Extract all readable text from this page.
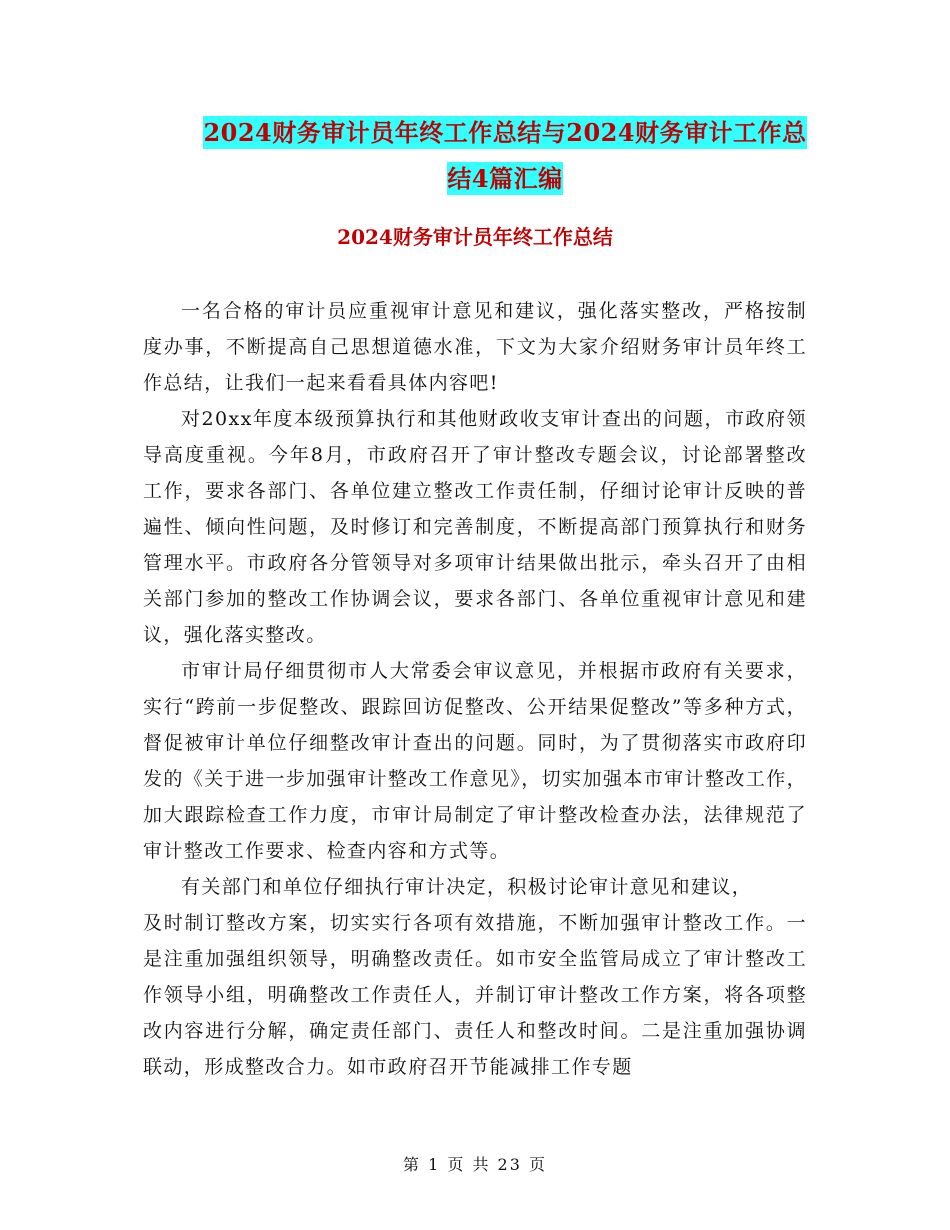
2024财务审计员年终工作总结与2024财务审计工作总
结4篇汇编
2024财务审计员年终工作总结

一名合格的审计员应重视审计意见和建议，强化落实整改，严格按制度办事，不断提高自己思想道德水准，下文为大家介绍财务审计员年终工作总结，让我们一起来看看具体内容吧!

对20xx年度本级预算执行和其他财政收支审计查出的问题，市政府领导高度重视。今年8月，市政府召开了审计整改专题会议，讨论部署整改工作，要求各部门、各单位建立整改工作责任制，仔细讨论审计反映的普遍性、倾向性问题，及时修订和完善制度，不断提高部门预算执行和财务管理水平。市政府各分管领导对多项审计结果做出批示，牵头召开了由相关部门参加的整改工作协调会议，要求各部门、各单位重视审计意见和建议，强化落实整改。

市审计局仔细贯彻市人大常委会审议意见，并根据市政府有关要求，实行“跨前一步促整改、跟踪回访促整改、公开结果促整改”等多种方式，督促被审计单位仔细整改审计查出的问题。同时，为了贯彻落实市政府印发的《关于进一步加强审计整改工作意见》，切实加强本市审计整改工作，加大跟踪检查工作力度，市审计局制定了审计整改检查办法，法律规范了审计整改工作要求、检查内容和方式等。

有关部门和单位仔细执行审计决定，积极讨论审计意见和建议，

及时制订整改方案，切实实行各项有效措施，不断加强审计整改工作。一是注重加强组织领导，明确整改责任。如市安全监管局成立了审计整改工作领导小组，明确整改工作责任人，并制订审计整改工作方案，将各项整改内容进行分解，确定责任部门、责任人和整改时间。二是注重加强协调联动，形成整改合力。如市政府召开节能减排工作专题

第 1 页 共 23 页
